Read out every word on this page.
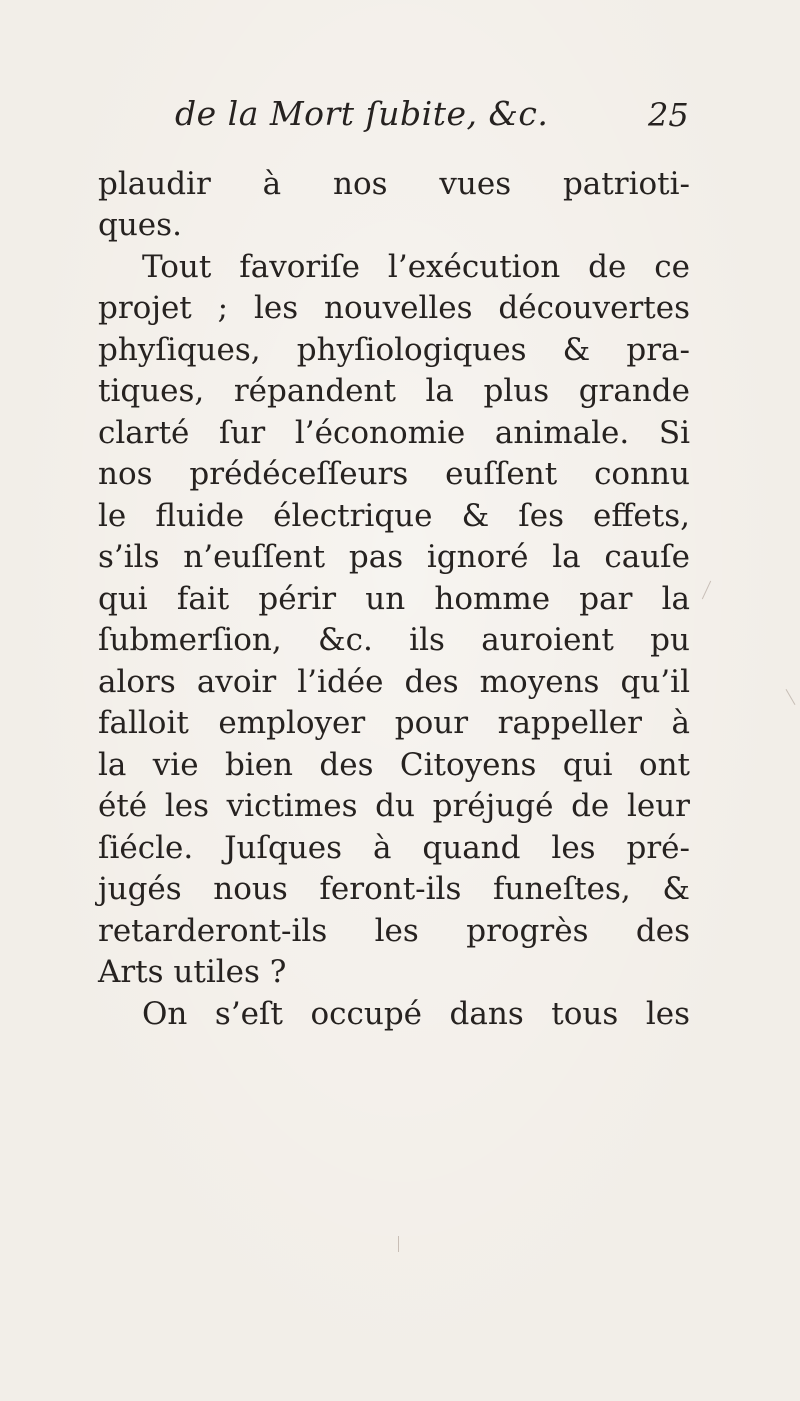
de la Mort ſubite, &c.	25
plaudir à nos vues patrioti-
ques.
Tout favoriſe l’exécution de ce
projet ; les nouvelles découvertes
phyſiques, phyſiologiques & pra-
tiques, répandent la plus grande
clarté ſur l’économie animale. Si
nos prédéceſſeurs euſſent connu
le fluide électrique & ſes effets,
s’ils n’euſſent pas ignoré la cauſe
qui fait périr un homme par la
ſubmerſion, &c. ils auroient pu
alors avoir l’idée des moyens qu’il
falloit employer pour rappeller à
la vie bien des Citoyens qui ont
été les victimes du préjugé de leur
ſiécle. Juſques à quand les pré-
jugés nous feront-ils funeſtes, &
retarderont-ils les progrès des
Arts utiles ?
On s’eſt occupé dans tous les
